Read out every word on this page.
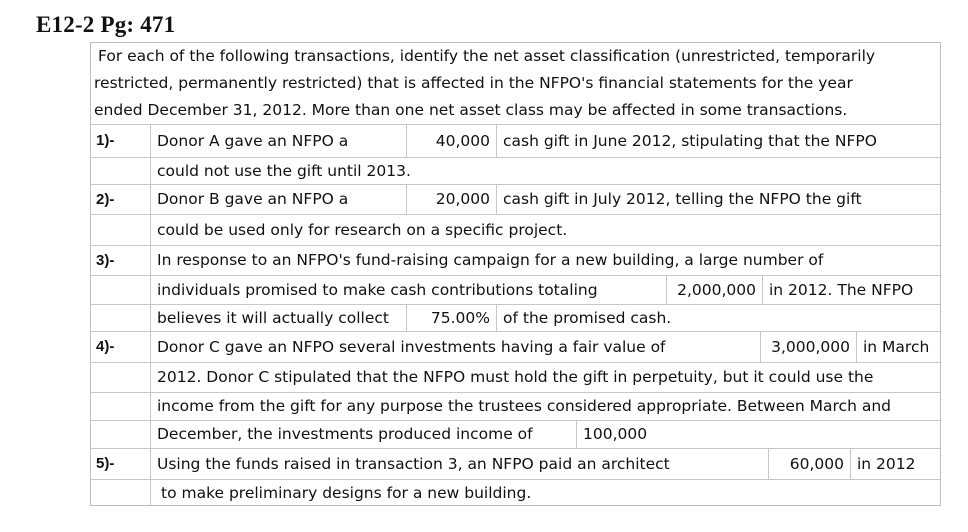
E12-2 Pg: 471
For each of the following transactions, identify the net asset classification (unrestricted, temporarily
restricted, permanently restricted) that is affected in the NFPO's financial statements for the year
ended December 31, 2012. More than one net asset class may be affected in some transactions.
1)-	Donor A gave an NFPO a	40,000 cash gift in June 2012, stipulating that the NFPO
could not use the gift until 2013.
2)-	Donor B gave an NFPO a	20,000 cash gift in July 2012, telling the NFPO the gift
could be used only for research on a specific project.
3)-	In response to an NFPO's fund-raising campaign for a new building, a large number of
individuals promised to make cash contributions totaling	2,000,000 in 2012. The NFPO
believes it will actually collect	75.00% of the promised cash.
4)-	Donor C gave an NFPO several investments having a fair value of	3,000,000 in March
2012. Donor C stipulated that the NFPO must hold the gift in perpetuity, but it could use the
income from the gift for any purpose the trustees considered appropriate. Between March and
December, the investments produced income of	100,000
5)-	Using the funds raised in transaction 3, an NFPO paid an architect	60,000 in 2012
to make preliminary designs for a new building.
